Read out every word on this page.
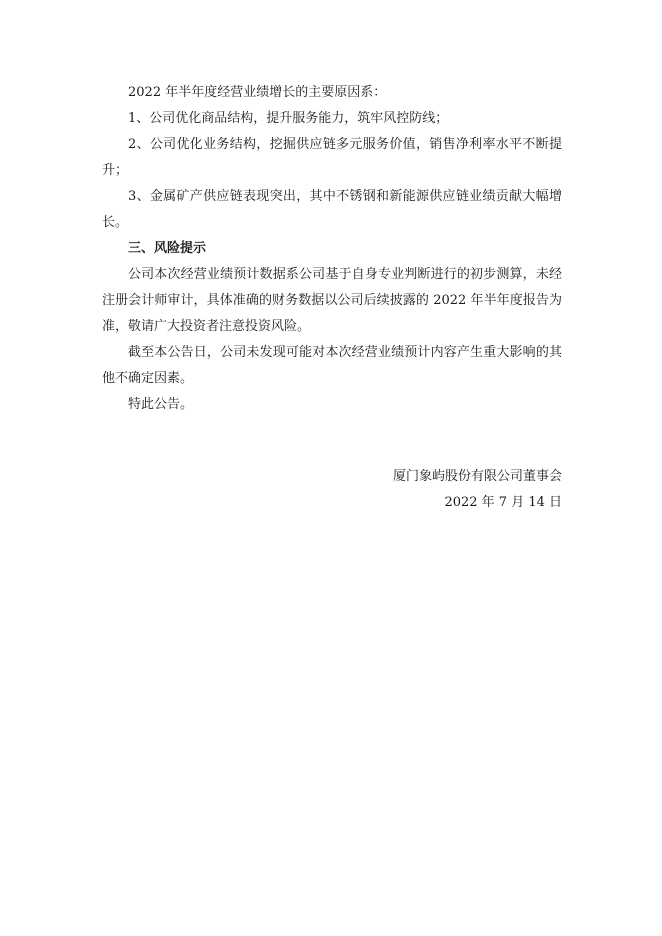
2022 年半年度经营业绩增长的主要原因系：

1、公司优化商品结构，提升服务能力，筑牢风控防线；

2、公司优化业务结构，挖掘供应链多元服务价值，销售净利率水平不断提升；

3、金属矿产供应链表现突出，其中不锈钢和新能源供应链业绩贡献大幅增长。

三、风险提示

公司本次经营业绩预计数据系公司基于自身专业判断进行的初步测算，未经注册会计师审计，具体准确的财务数据以公司后续披露的 2022 年半年度报告为准，敬请广大投资者注意投资风险。

截至本公告日，公司未发现可能对本次经营业绩预计内容产生重大影响的其他不确定因素。

特此公告。

厦门象屿股份有限公司董事会

2022 年 7 月 14 日
